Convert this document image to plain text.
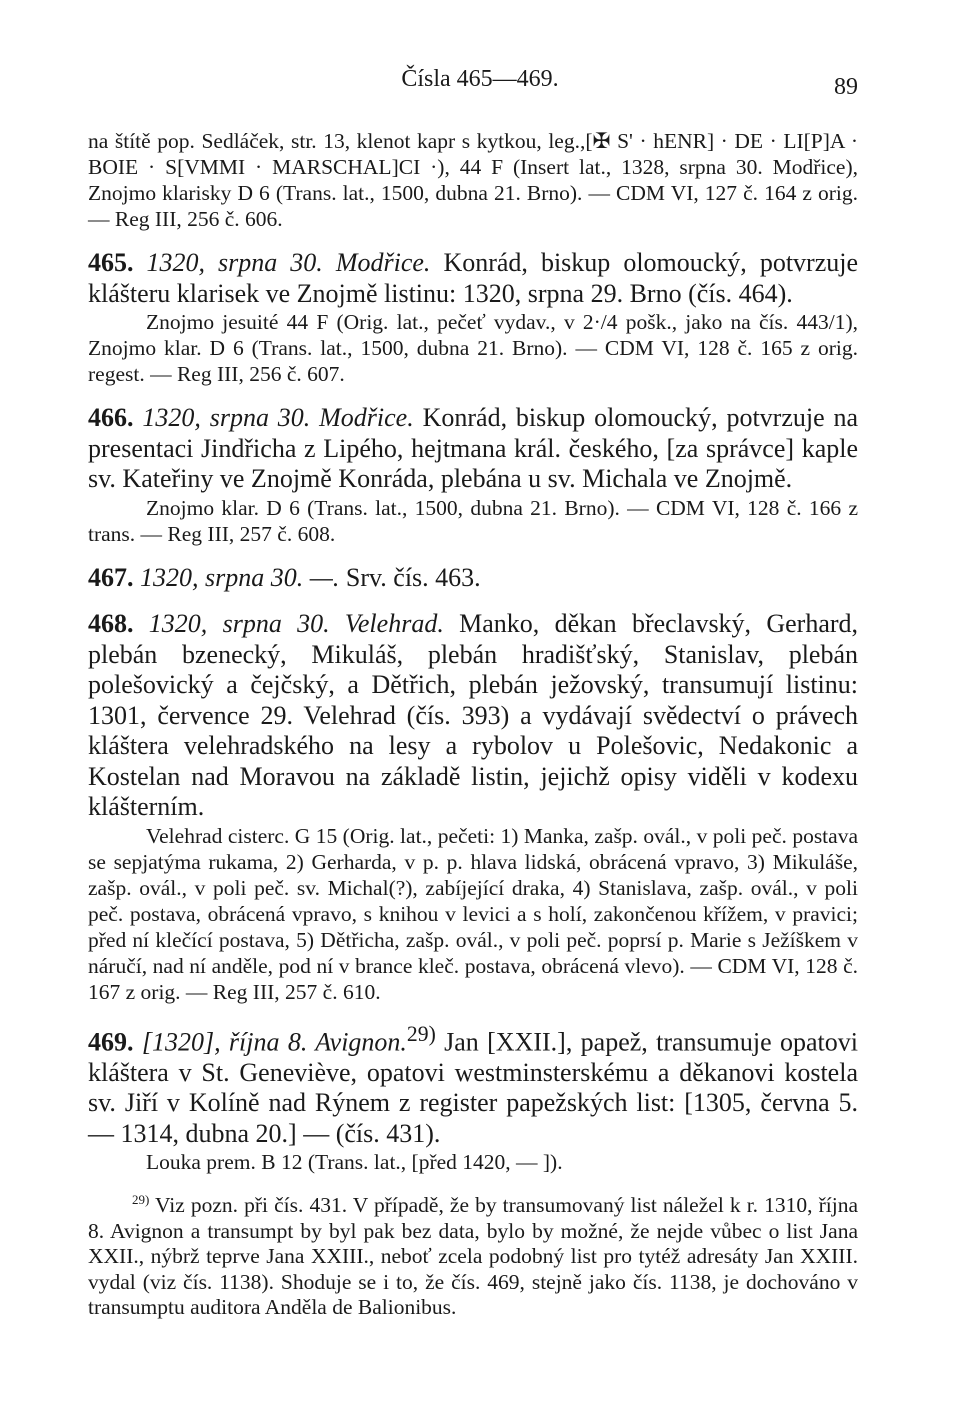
Čísla 465—469.	89

na štítě pop. Sedláček, str. 13, klenot kapr s kytkou, leg.,[✠ S' · hENR] · DE · LI[P]A · BOIE · S[VMMI · MARSCHAL]CI ·), 44 F (Insert lat., 1328, srpna 30. Modřice), Znojmo klarisky D 6 (Trans. lat., 1500, dubna 21. Brno). — CDM VI, 127 č. 164 z orig. — Reg III, 256 č. 606.

465. 1320, srpna 30. Modřice. Konrád, biskup olomoucký, potvrzuje klášteru klarisek ve Znojmě listinu: 1320, srpna 29. Brno (čís. 464).

Znojmo jesuité 44 F (Orig. lat., pečeť vydav., v 2·/4 pošk., jako na čís. 443/1), Znojmo klar. D 6 (Trans. lat., 1500, dubna 21. Brno). — CDM VI, 128 č. 165 z orig. regest. — Reg III, 256 č. 607.

466. 1320, srpna 30. Modřice. Konrád, biskup olomoucký, potvrzuje na presentaci Jindřicha z Lipého, hejtmana král. českého, [za správce] kaple sv. Kateřiny ve Znojmě Konráda, plebána u sv. Michala ve Znojmě.

Znojmo klar. D 6 (Trans. lat., 1500, dubna 21. Brno). — CDM VI, 128 č. 166 z trans. — Reg III, 257 č. 608.

467. 1320, srpna 30. —. Srv. čís. 463.

468. 1320, srpna 30. Velehrad. Manko, děkan břeclavský, Gerhard, plebán bzenecký, Mikuláš, plebán hradišťský, Stanislav, plebán polešovický a čejčský, a Dětřich, plebán ježovský, transumují listinu: 1301, července 29. Velehrad (čís. 393) a vydávají svědectví o právech kláštera velehradského na lesy a rybolov u Polešovic, Nedakonic a Kostelan nad Moravou na základě listin, jejichž opisy viděli v kodexu klášterním.

Velehrad cisterc. G 15 (Orig. lat., pečeti: 1) Manka, zašp. ovál., v poli peč. postava se sepjatýma rukama, 2) Gerharda, v p. p. hlava lidská, obrácená vpravo, 3) Mikuláše, zašp. ovál., v poli peč. sv. Michal(?), zabíjející draka, 4) Stanislava, zašp. ovál., v poli peč. postava, obrácená vpravo, s knihou v levici a s holí, zakončenou křížem, v pravici; před ní klečící postava, 5) Dětřicha, zašp. ovál., v poli peč. poprsí p. Marie s Ježíškem v náručí, nad ní anděle, pod ní v brance kleč. postava, obrácená vlevo). — CDM VI, 128 č. 167 z orig. — Reg III, 257 č. 610.

469. [1320], října 8. Avignon.$^{29)}$ Jan [XXII.], papež, transumuje opatovi kláštera v St. Geneviève, opatovi westminsterskému a děkanovi kostela sv. Jiří v Kolíně nad Rýnem z register papežských list: [1305, června 5. — 1314, dubna 20.] — (čís. 431).

Louka prem. B 12 (Trans. lat., [před 1420, — ]).

$^{29)}$ Viz pozn. při čís. 431. V případě, že by transumovaný list náležel k r. 1310, října 8. Avignon a transumpt by byl pak bez data, bylo by možné, že nejde vůbec o list Jana XXII., nýbrž teprve Jana XXIII., neboť zcela podobný list pro tytéž adresáty Jan XXIII. vydal (viz čís. 1138). Shoduje se i to, že čís. 469, stejně jako čís. 1138, je dochováno v transumptu auditora Anděla de Balionibus.
